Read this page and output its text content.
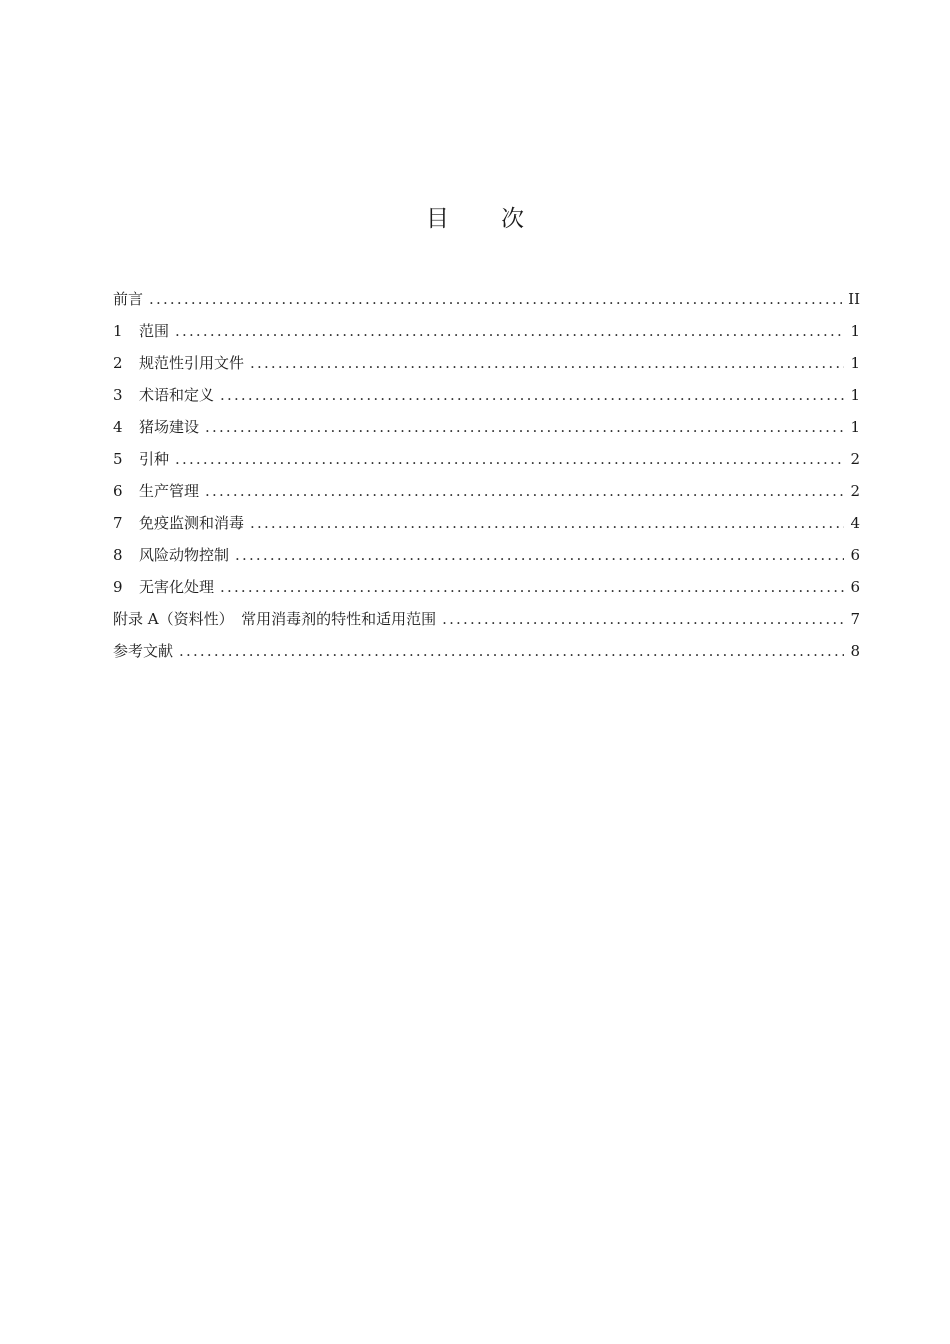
目 次
前言 .....	II
1	范围 .....	1
2	规范性引用文件 .....	1
3	术语和定义 .....	1
4	猪场建设 .....	1
5	引种 .....	2
6	生产管理 .....	2
7	免疫监测和消毒 .....	4
8	风险动物控制 .....	6
9	无害化处理 .....	6
附录 A（资料性）　常用消毒剂的特性和适用范围 .....	7
参考文献 .....	8
